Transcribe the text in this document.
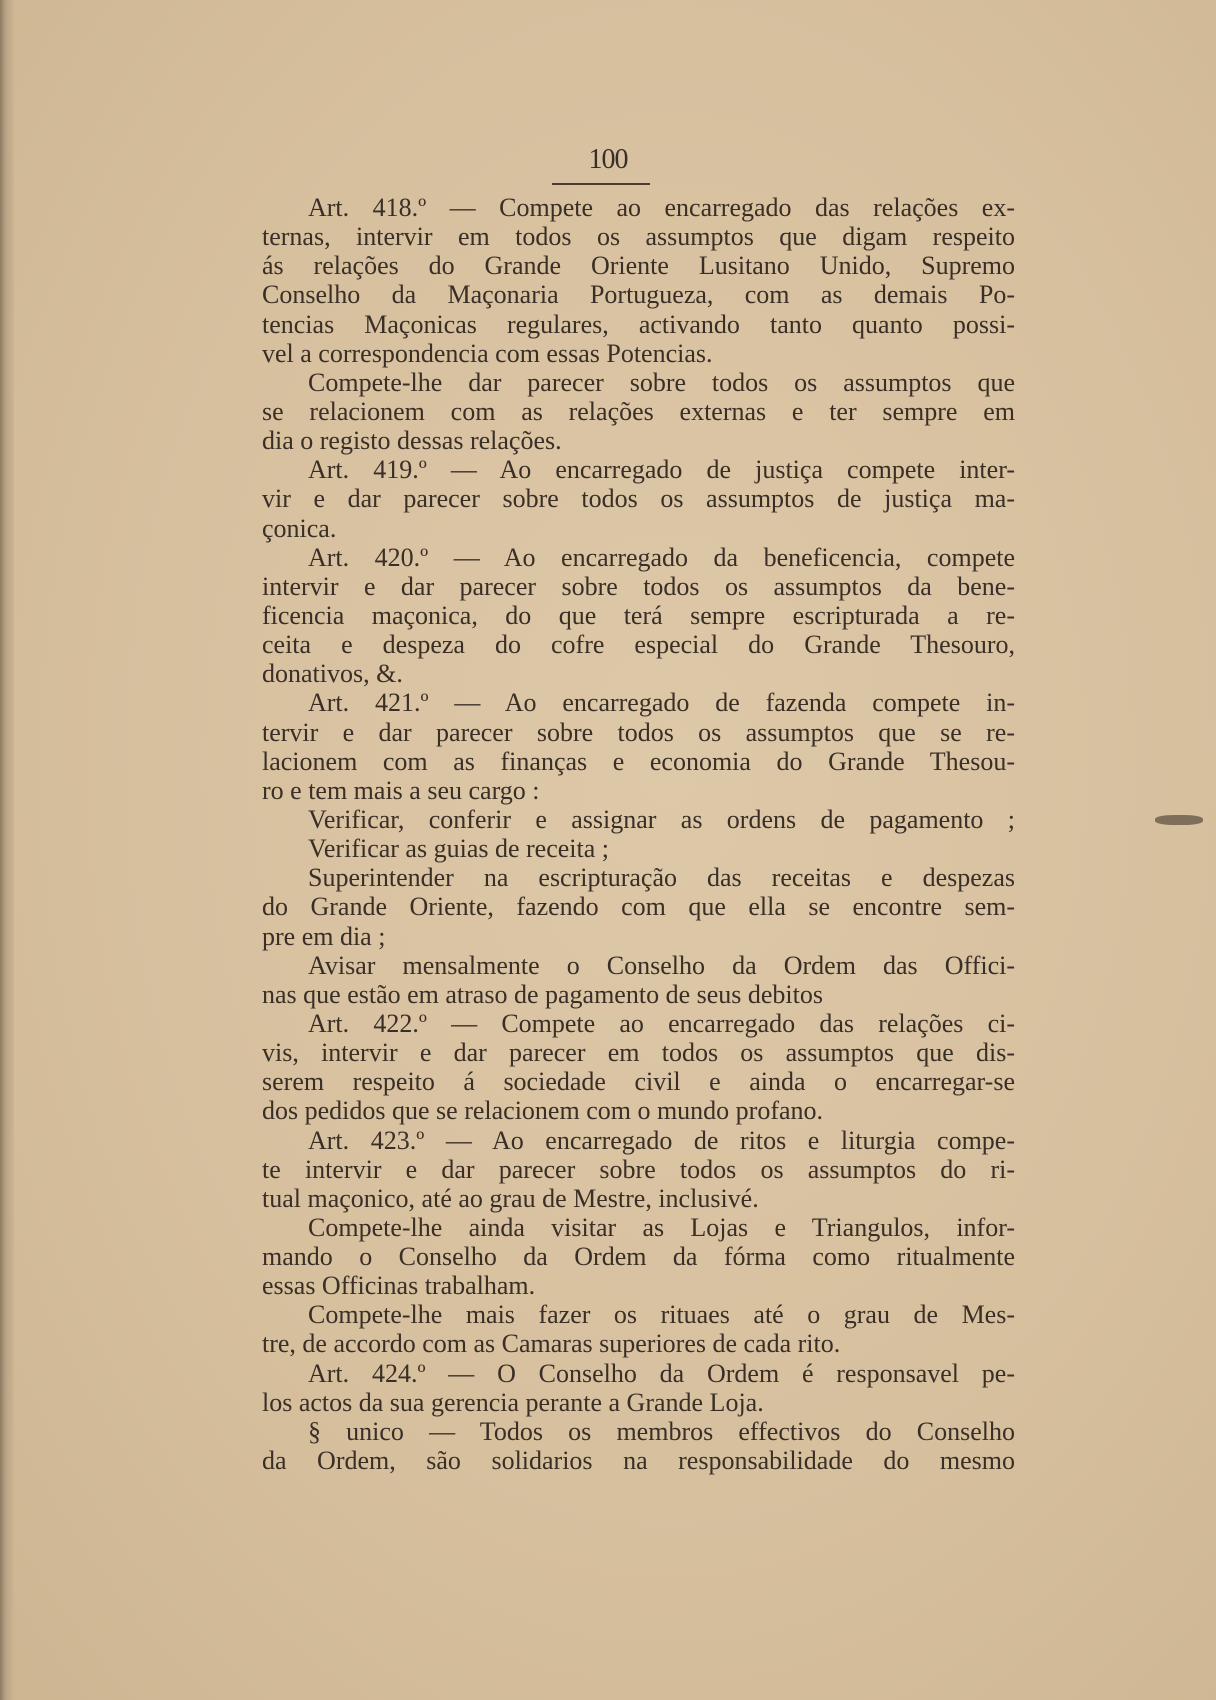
100
Art. 418.º — Compete ao encarregado das relações ex-
ternas, intervir em todos os assumptos que digam respeito
ás relações do Grande Oriente Lusitano Unido, Supremo
Conselho da Maçonaria Portugueza, com as demais Po-
tencias Maçonicas regulares, activando tanto quanto possi-
vel a correspondencia com essas Potencias.
Compete-lhe dar parecer sobre todos os assumptos que
se relacionem com as relações externas e ter sempre em
dia o registo dessas relações.
Art. 419.º — Ao encarregado de justiça compete inter-
vir e dar parecer sobre todos os assumptos de justiça ma-
çonica.
Art. 420.º — Ao encarregado da beneficencia, compete
intervir e dar parecer sobre todos os assumptos da bene-
ficencia maçonica, do que terá sempre escripturada a re-
ceita e despeza do cofre especial do Grande Thesouro,
donativos, &.
Art. 421.º — Ao encarregado de fazenda compete in-
tervir e dar parecer sobre todos os assumptos que se re-
lacionem com as finanças e economia do Grande Thesou-
ro e tem mais a seu cargo :
Verificar, conferir e assignar as ordens de pagamento ;
Verificar as guias de receita ;
Superintender na escripturação das receitas e despezas
do Grande Oriente, fazendo com que ella se encontre sem-
pre em dia ;
Avisar mensalmente o Conselho da Ordem das Offici-
nas que estão em atraso de pagamento de seus debitos
Art. 422.º — Compete ao encarregado das relações ci-
vis, intervir e dar parecer em todos os assumptos que dis-
serem respeito á sociedade civil e ainda o encarregar-se
dos pedidos que se relacionem com o mundo profano.
Art. 423.º — Ao encarregado de ritos e liturgia compe-
te intervir e dar parecer sobre todos os assumptos do ri-
tual maçonico, até ao grau de Mestre, inclusivé.
Compete-lhe ainda visitar as Lojas e Triangulos, infor-
mando o Conselho da Ordem da fórma como ritualmente
essas Officinas trabalham.
Compete-lhe mais fazer os rituaes até o grau de Mes-
tre, de accordo com as Camaras superiores de cada rito.
Art. 424.º — O Conselho da Ordem é responsavel pe-
los actos da sua gerencia perante a Grande Loja.
§ unico — Todos os membros effectivos do Conselho
da Ordem, são solidarios na responsabilidade do mesmo
